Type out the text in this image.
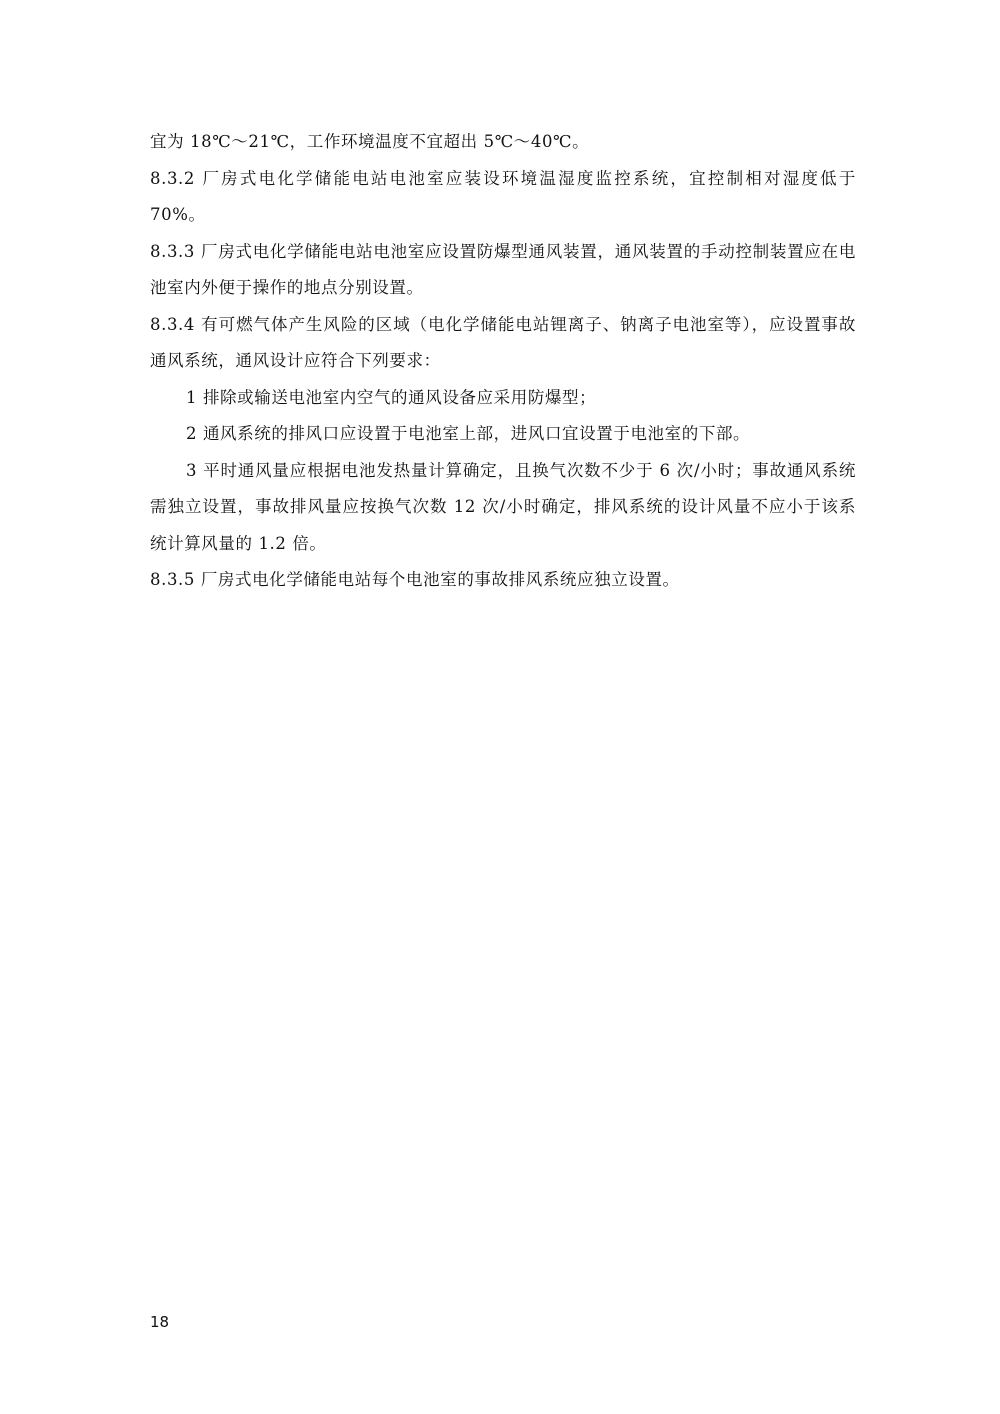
宜为 18℃～21℃，工作环境温度不宜超出 5℃～40℃。

8.3.2 厂房式电化学储能电站电池室应装设环境温湿度监控系统，宜控制相对湿度低于 70%。

8.3.3 厂房式电化学储能电站电池室应设置防爆型通风装置，通风装置的手动控制装置应在电池室内外便于操作的地点分别设置。

8.3.4 有可燃气体产生风险的区域（电化学储能电站锂离子、钠离子电池室等），应设置事故通风系统，通风设计应符合下列要求：

1 排除或输送电池室内空气的通风设备应采用防爆型；

2 通风系统的排风口应设置于电池室上部，进风口宜设置于电池室的下部。

3 平时通风量应根据电池发热量计算确定，且换气次数不少于 6 次/小时；事故通风系统需独立设置，事故排风量应按换气次数 12 次/小时确定，排风系统的设计风量不应小于该系统计算风量的 1.2 倍。

8.3.5 厂房式电化学储能电站每个电池室的事故排风系统应独立设置。

18
